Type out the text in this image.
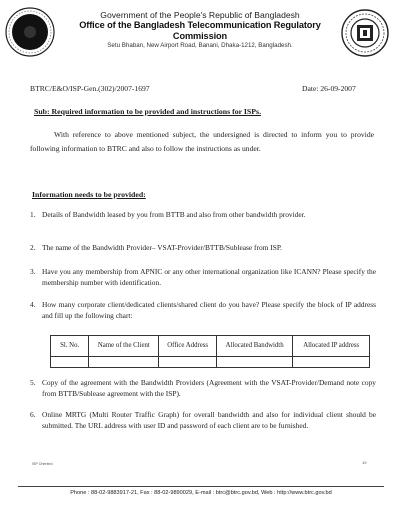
Government of the People's Republic of Bangladesh
Office of the Bangladesh Telecommunication Regulatory Commission
Setu Bhaban, New Airport Road, Banani, Dhaka-1212, Bangladesh.
BTRC/E&O/ISP-Gen.(302)/2007-1697	Date: 26-09-2007
Sub: Required information to be provided and instructions for ISPs.
With reference to above mentioned subject, the undersigned is directed to inform you to provide following information to BTRC and also to follow the instructions as under.
Information needs to be provided:
1. Details of Bandwidth leased by you from BTTB and also from other bandwidth provider.
2. The name of the Bandwidth Provider– VSAT-Provider/BTTB/Sublease from ISP.
3. Have you any membership from APNIC or any other international organization like ICANN? Please specify the membership number with identification.
4. How many corporate client/dedicated clients/shared client do you have? Please specify the block of IP address and fill up the following chart:
Sl. No.	Name of the Client	Office Address	Allocated Bandwidth	Allocated IP address

5. Copy of the agreement with the Bandwidth Providers (Agreement with the VSAT-Provider/Demand note copy from BTTB/Sublease agreement with the ISP).
6. Online MRTG (Multi Router Traffic Graph) for overall bandwidth and also for individual client should be submitted. The URL address with user ID and password of each client are to be furnished.
ISP Oriented	19
Phone : 88-02-9883917-21, Fax : 88-02-9890029, E-mail : btrc@btrc.gov.bd, Web : http://www.btrc.gov.bd
